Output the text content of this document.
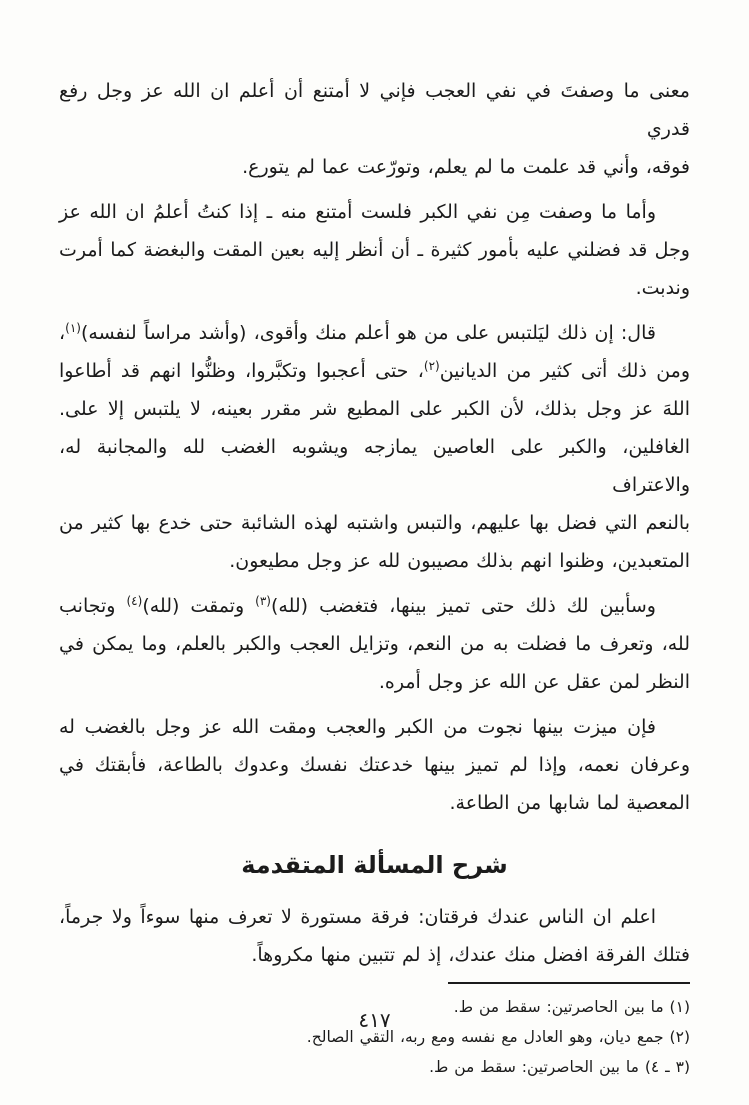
معنى ما وصفتَ في نفي العجب فإني لا أمتنع أن أعلم ان الله عز وجل رفع قدري
فوقه، وأني قد علمت ما لم يعلم، وتورّعت عما لم يتورع.
وأما ما وصفت مِن نفي الكبر فلست أمتنع منه ـ إذا كنتُ أعلمُ ان الله عز
وجل قد فضلني عليه بأمور كثيرة ـ أن أنظر إليه بعين المقت والبغضة كما أمرت
وندبت.
قال: إن ذلك ليَلتبس على من هو أعلم منك وأقوى، (وأشد مراساً لنفسه)$^{(١)}$،
ومن ذلك أتى كثير من الديانين$^{(٢)}$، حتى أعجبوا وتكبَّروا، وظنُّوا انهم قد أطاعوا
اللهَ عز وجل بذلك، لأن الكبر على المطيع شر مقرر بعينه، لا يلتبس إلا على.
الغافلين، والكبر على العاصين يمازجه ويشوبه الغضب لله والمجانبة له، والاعتراف
بالنعم التي فضل بها عليهم، والتبس واشتبه لهذه الشائبة حتى خدع بها كثير من
المتعبدين، وظنوا انهم بذلك مصيبون لله عز وجل مطيعون.
وسأبين لك ذلك حتى تميز بينها، فتغضب (لله)$^{(٣)}$ وتمقت (لله)$^{(٤)}$ وتجانب
لله، وتعرف ما فضلت به من النعم، وتزايل العجب والكبر بالعلم، وما يمكن في
النظر لمن عقل عن الله عز وجل أمره.
فإن ميزت بينها نجوت من الكبر والعجب ومقت الله عز وجل بالغضب له
وعرفان نعمه، وإذا لم تميز بينها خدعتك نفسك وعدوك بالطاعة، فأبقتك في
المعصية لما شابها من الطاعة.
شرح المسألة المتقدمة
اعلم ان الناس عندك فرقتان: فرقة مستورة لا تعرف منها سوءاً ولا جرماً،
فتلك الفرقة افضل منك عندك، إذ لم تتبين منها مكروهاً.
(١) ما بين الحاصرتين: سقط من ط.
(٢) جمع ديان، وهو العادل مع نفسه ومع ربه، التقي الصالح.
(٣ ـ ٤) ما بين الحاصرتين: سقط من ط.
٤١٧
